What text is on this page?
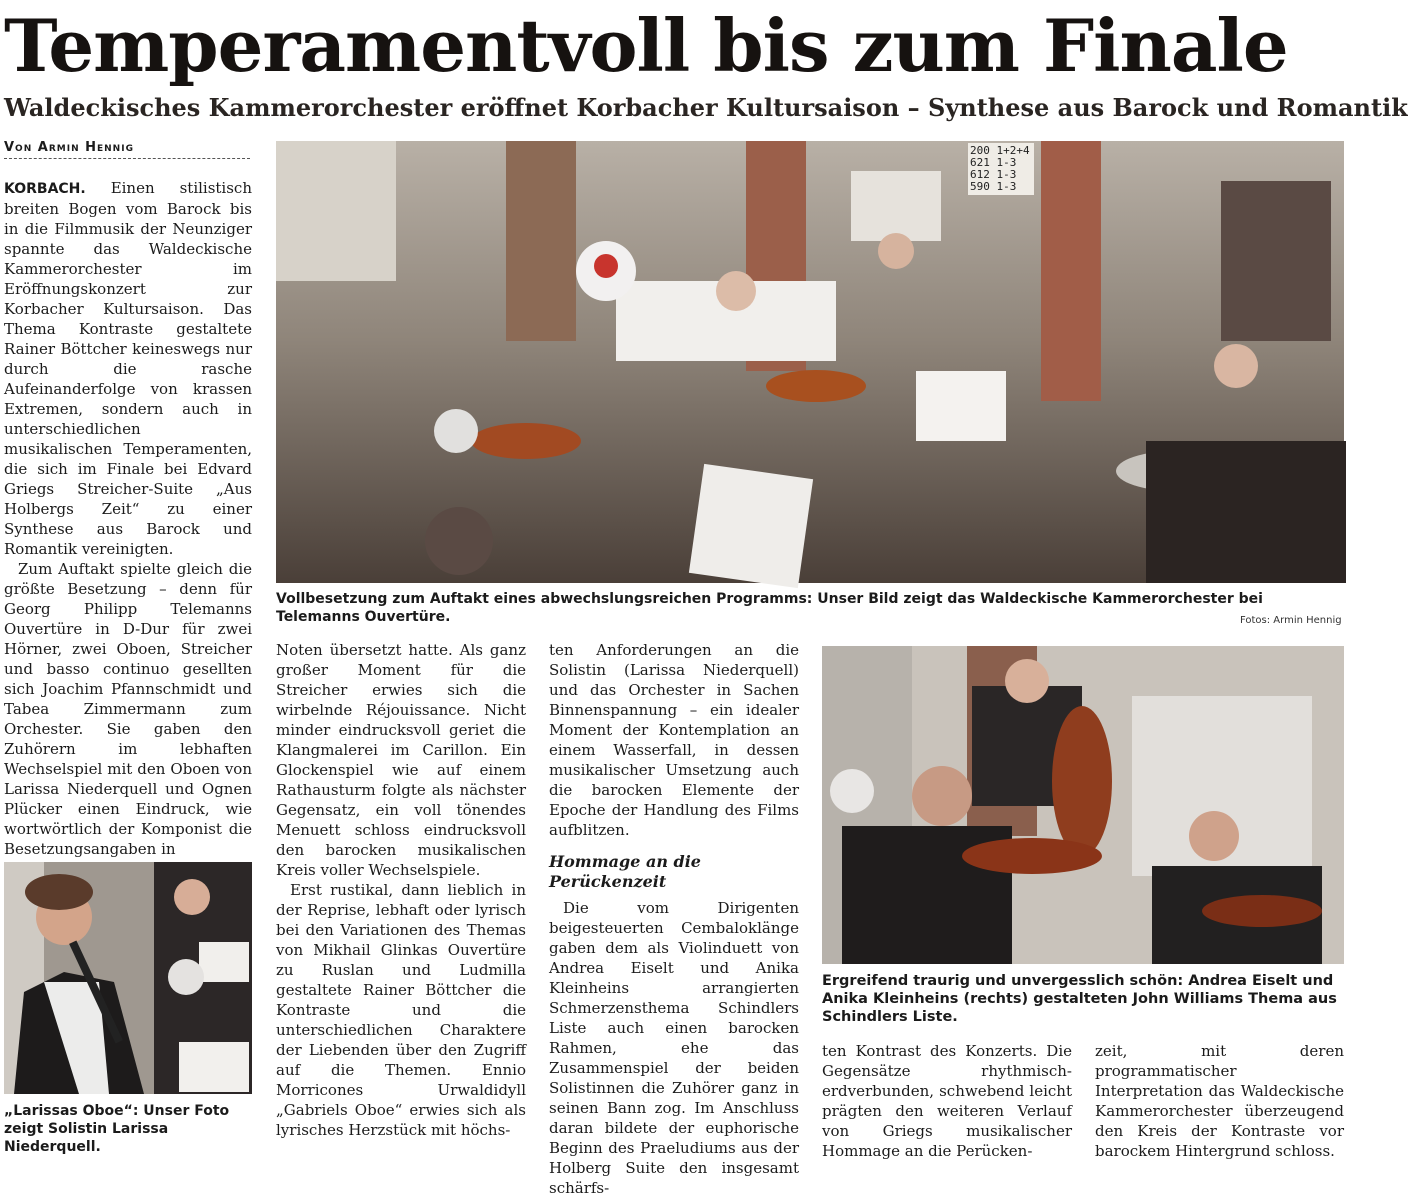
Temperamentvoll bis zum Finale
Waldeckisches Kammerorchester eröffnet Korbacher Kultursaison – Synthese aus Barock und Romantik
Von Armin Hennig

KORBACH. Einen stilistisch breiten Bogen vom Barock bis in die Filmmusik der Neunziger spannte das Waldeckische Kammerorchester im Eröffnungskonzert zur Korbacher Kultursaison. Das Thema Kontraste gestaltete Rainer Böttcher keineswegs nur durch die rasche Aufeinanderfolge von krassen Extremen, sondern auch in unterschiedlichen musikalischen Temperamenten, die sich im Finale bei Edvard Griegs Streicher-Suite „Aus Holbergs Zeit“ zu einer Synthese aus Barock und Romantik vereinigten.

Zum Auftakt spielte gleich die größte Besetzung – denn für Georg Philipp Telemanns Ouvertüre in D-Dur für zwei Hörner, zwei Oboen, Streicher und basso continuo gesellten sich Joachim Pfannschmidt und Tabea Zimmermann zum Orchester. Sie gaben den Zuhörern im lebhaften Wechselspiel mit den Oboen von Larissa Niederquell und Ognen Plücker einen Eindruck, wie wortwörtlich der Komponist die Besetzungsangaben in

200 1+2+4
621 1-3
612 1-3
590 1-3
Vollbesetzung zum Auftakt eines abwechslungsreichen Programms: Unser Bild zeigt das Waldeckische Kammerorchester bei Telemanns Ouvertüre.	Fotos: Armin Hennig

Noten übersetzt hatte. Als ganz großer Moment für die Streicher erwies sich die wirbelnde Réjouissance. Nicht minder eindrucksvoll geriet die Klangmalerei im Carillon. Ein Glockenspiel wie auf einem Rathausturm folgte als nächster Gegensatz, ein voll tönendes Menuett schloss eindrucksvoll den barocken musikalischen Kreis voller Wechselspiele.

Erst rustikal, dann lieblich in der Reprise, lebhaft oder lyrisch bei den Variationen des Themas von Mikhail Glinkas Ouvertüre zu Ruslan und Ludmilla gestaltete Rainer Böttcher die Kontraste und die unterschiedlichen Charaktere der Liebenden über den Zugriff auf die Themen. Ennio Morricones Urwaldidyll „Gabriels Oboe“ erwies sich als lyrisches Herzstück mit höchs-

ten Anforderungen an die Solistin (Larissa Niederquell) und das Orchester in Sachen Binnenspannung – ein idealer Moment der Kontemplation an einem Wasserfall, in dessen musikalischer Umsetzung auch die barocken Elemente der Epoche der Handlung des Films aufblitzen.

Hommage an die Perückenzeit

Die vom Dirigenten beigesteuerten Cembaloklänge gaben dem als Violinduett von Andrea Eiselt und Anika Kleinheins arrangierten Schmerzensthema Schindlers Liste auch einen barocken Rahmen, ehe das Zusammenspiel der beiden Solistinnen die Zuhörer ganz in seinen Bann zog. Im Anschluss daran bildete der euphorische Beginn des Praeludiums aus der Holberg Suite den insgesamt schärfs-

Ergreifend traurig und unvergesslich schön: Andrea Eiselt und Anika Kleinheins (rechts) gestalteten John Williams Thema aus Schindlers Liste.

ten Kontrast des Konzerts. Die Gegensätze rhythmisch-erdverbunden, schwebend leicht prägten den weiteren Verlauf von Griegs musikalischer Hommage an die Perücken-

zeit, mit deren programmatischer Interpretation das Waldeckische Kammerorchester überzeugend den Kreis der Kontraste vor barockem Hintergrund schloss.

„Larissas Oboe“: Unser Foto zeigt Solistin Larissa Niederquell.
